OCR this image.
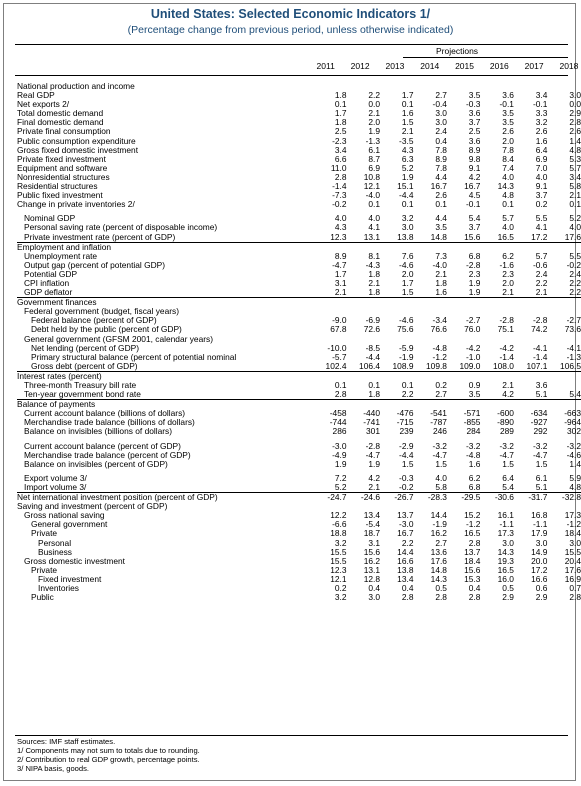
United States: Selected Economic Indicators 1/
(Percentage change from previous period, unless otherwise indicated)
Projections
2011	2012	2013	2014	2015	2016	2017	2018
National production and income								
Real GDP	1.8	2.2	1.7	2.7	3.5	3.6	3.4	3.0
Net exports 2/	0.1	0.0	0.1	-0.4	-0.3	-0.1	-0.1	0.0
Total domestic demand	1.7	2.1	1.6	3.0	3.6	3.5	3.3	2.9
Final domestic demand	1.8	2.0	1.5	3.0	3.7	3.5	3.2	2.8
Private final consumption	2.5	1.9	2.1	2.4	2.5	2.6	2.6	2.6
Public consumption expenditure	-2.3	-1.3	-3.5	0.4	3.6	2.0	1.6	1.4
Gross fixed domestic investment	3.4	6.1	4.3	7.8	8.9	7.8	6.4	4.8
Private fixed investment	6.6	8.7	6.3	8.9	9.8	8.4	6.9	5.3
Equipment and software	11.0	6.9	5.2	7.8	9.1	7.4	7.0	5.7
Nonresidential structures	2.8	10.8	1.9	4.4	4.2	4.0	4.0	3.4
Residential structures	-1.4	12.1	15.1	16.7	16.7	14.3	9.1	5.8
Public fixed investment	-7.3	-4.0	-4.4	2.6	4.5	4.8	3.7	2.1
Change in private inventories 2/	-0.2	0.1	0.1	0.1	-0.1	0.1	0.2	0.1

Nominal GDP	4.0	4.0	3.2	4.4	5.4	5.7	5.5	5.2
Personal saving rate (percent of disposable income)	4.3	4.1	3.0	3.5	3.7	4.0	4.1	4.0
Private investment rate (percent of GDP)	12.3	13.1	13.8	14.8	15.6	16.5	17.2	17.6
Employment and inflation								
Unemployment rate	8.9	8.1	7.6	7.3	6.8	6.2	5.7	5.5
Output gap (percent of potential GDP)	-4.7	-4.3	-4.6	-4.0	-2.8	-1.6	-0.6	-0.2
Potential GDP	1.7	1.8	2.0	2.1	2.3	2.3	2.4	2.4
CPI inflation	3.1	2.1	1.7	1.8	1.9	2.0	2.2	2.2
GDP deflator	2.1	1.8	1.5	1.6	1.9	2.1	2.1	2.2
Government finances								
Federal government (budget, fiscal years)								
Federal balance (percent of GDP)	-9.0	-6.9	-4.6	-3.4	-2.7	-2.8	-2.8	-2.7
Debt held by the public (percent of GDP)	67.8	72.6	75.6	76.6	76.0	75.1	74.2	73.6
General government (GFSM 2001, calendar years)								
Net lending (percent of GDP)	-10.0	-8.5	-5.9	-4.8	-4.2	-4.2	-4.1	-4.1
Primary structural balance (percent of potential nominal	-5.7	-4.4	-1.9	-1.2	-1.0	-1.4	-1.4	-1.3
Gross debt (percent of GDP)	102.4	106.4	108.9	109.8	109.0	108.0	107.1	106.5
Interest rates (percent)								
Three-month Treasury bill rate	0.1	0.1	0.1	0.2	0.9	2.1	3.6	
Ten-year government bond rate	2.8	1.8	2.2	2.7	3.5	4.2	5.1	5.4
Balance of payments								
Current account balance (billions of dollars)	-458	-440	-476	-541	-571	-600	-634	-663
Merchandise trade balance (billions of dollars)	-744	-741	-715	-787	-855	-890	-927	-964
Balance on invisibles (billions of dollars)	286	301	239	246	284	289	292	302

Current account balance (percent of GDP)	-3.0	-2.8	-2.9	-3.2	-3.2	-3.2	-3.2	-3.2
Merchandise trade balance (percent of GDP)	-4.9	-4.7	-4.4	-4.7	-4.8	-4.7	-4.7	-4.6
Balance on invisibles (percent of GDP)	1.9	1.9	1.5	1.5	1.6	1.5	1.5	1.4

Export volume 3/	7.2	4.2	-0.3	4.0	6.2	6.4	6.1	5.9
Import volume 3/	5.2	2.1	-0.2	5.8	6.8	5.4	5.1	4.8
Net international investment position (percent of GDP)	-24.7	-24.6	-26.7	-28.3	-29.5	-30.6	-31.7	-32.8
Saving and investment (percent of GDP)								
Gross national saving	12.2	13.4	13.7	14.4	15.2	16.1	16.8	17.3
General government	-6.6	-5.4	-3.0	-1.9	-1.2	-1.1	-1.1	-1.2
Private	18.8	18.7	16.7	16.2	16.5	17.3	17.9	18.4
Personal	3.2	3.1	2.2	2.7	2.8	3.0	3.0	3.0
Business	15.5	15.6	14.4	13.6	13.7	14.3	14.9	15.5
Gross domestic investment	15.5	16.2	16.6	17.6	18.4	19.3	20.0	20.4
Private	12.3	13.1	13.8	14.8	15.6	16.5	17.2	17.6
Fixed investment	12.1	12.8	13.4	14.3	15.3	16.0	16.6	16.9
Inventories	0.2	0.4	0.4	0.5	0.4	0.5	0.6	0.7
Public	3.2	3.0	2.8	2.8	2.8	2.9	2.9	2.8
Sources: IMF staff estimates.
1/ Components may not sum to totals due to rounding.
2/ Contribution to real GDP growth, percentage points.
3/ NIPA basis, goods.
